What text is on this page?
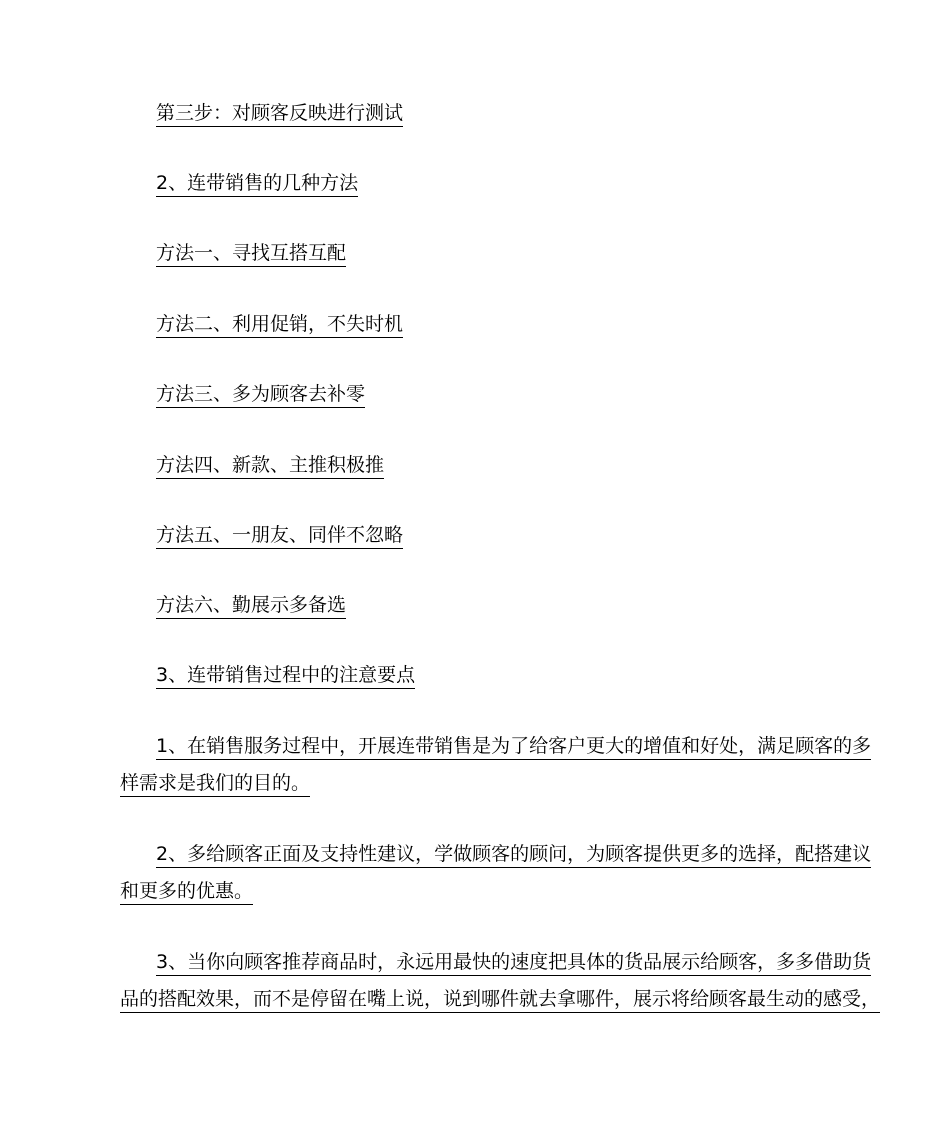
第三步：对顾客反映进行测试
2、连带销售的几种方法
方法一、寻找互搭互配
方法二、利用促销，不失时机
方法三、多为顾客去补零
方法四、新款、主推积极推
方法五、一朋友、同伴不忽略
方法六、勤展示多备选
3、连带销售过程中的注意要点
1、在销售服务过程中，开展连带销售是为了给客户更大的增值和好处，满足顾客的多
样需求是我们的目的。
2、多给顾客正面及支持性建议，学做顾客的顾问，为顾客提供更多的选择，配搭建议
和更多的优惠。
3、当你向顾客推荐商品时，永远用最快的速度把具体的货品展示给顾客，多多借助货
品的搭配效果，而不是停留在嘴上说，说到哪件就去拿哪件，展示将给顾客最生动的感受，
